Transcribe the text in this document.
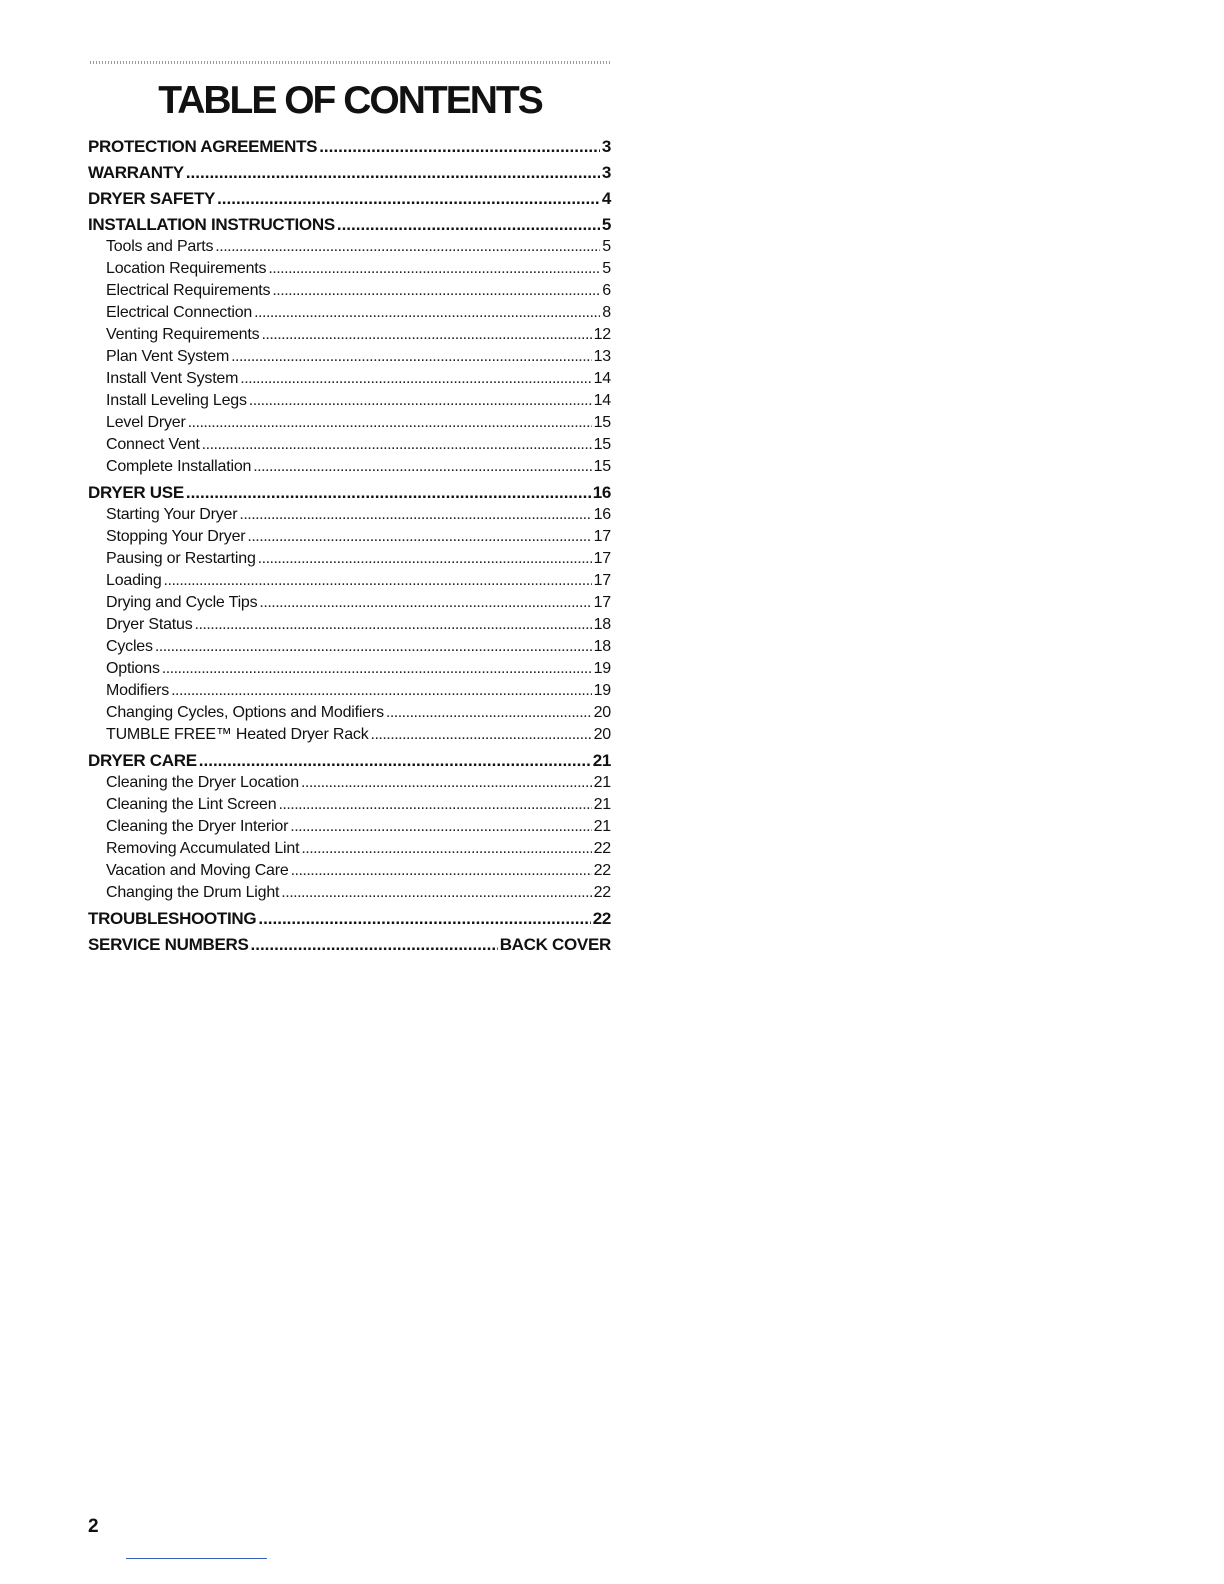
TABLE OF CONTENTS
PROTECTION AGREEMENTS .....	3
WARRANTY .....	3
DRYER SAFETY .....	4
INSTALLATION INSTRUCTIONS .....	5
Tools and Parts .....	5
Location Requirements .....	5
Electrical Requirements .....	6
Electrical Connection .....	8
Venting Requirements .....	12
Plan Vent System .....	13
Install Vent System .....	14
Install Leveling Legs .....	14
Level Dryer .....	15
Connect Vent .....	15
Complete Installation .....	15
DRYER USE .....	16
Starting Your Dryer .....	16
Stopping Your Dryer .....	17
Pausing or Restarting .....	17
Loading .....	17
Drying and Cycle Tips .....	17
Dryer Status .....	18
Cycles .....	18
Options .....	19
Modifiers .....	19
Changing Cycles, Options and Modifiers .....	20
TUMBLE FREE™ Heated Dryer Rack .....	20
DRYER CARE .....	21
Cleaning the Dryer Location .....	21
Cleaning the Lint Screen .....	21
Cleaning the Dryer Interior .....	21
Removing Accumulated Lint .....	22
Vacation and Moving Care .....	22
Changing the Drum Light .....	22
TROUBLESHOOTING .....	22
SERVICE NUMBERS .....	BACK COVER
2
